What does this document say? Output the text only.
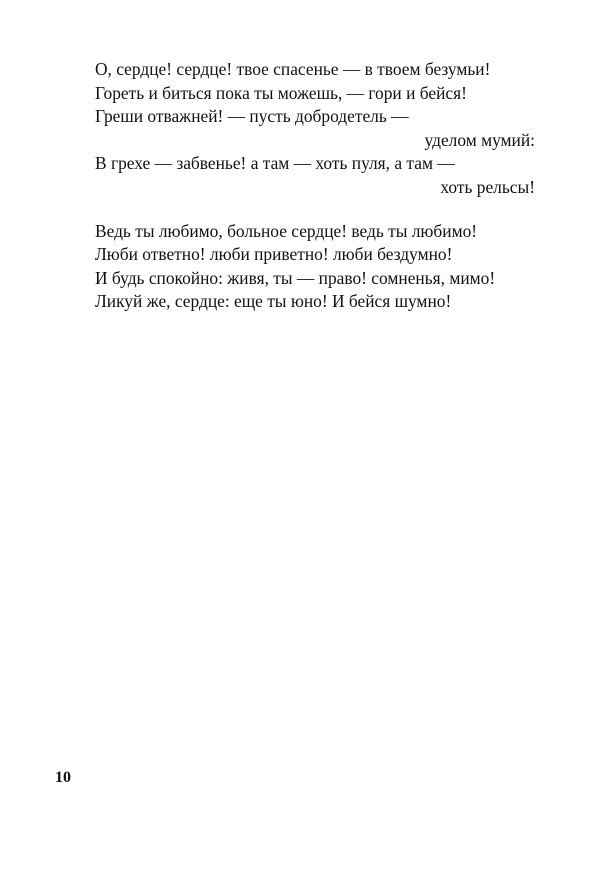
О, сердце! сердце! твое спасенье — в твоем безумьи!
Гореть и биться пока ты можешь, — гори и бейся!
Греши отважней! — пусть добродетель —
уделом мумий:
В грехе — забвенье! а там — хоть пуля, а там —
хоть рельсы!
Ведь ты любимо, больное сердце! ведь ты любимо!
Люби ответно! люби приветно! люби бездумно!
И будь спокойно: живя, ты — право! сомненья, мимо!
Ликуй же, сердце: еще ты юно! И бейся шумно!
10
